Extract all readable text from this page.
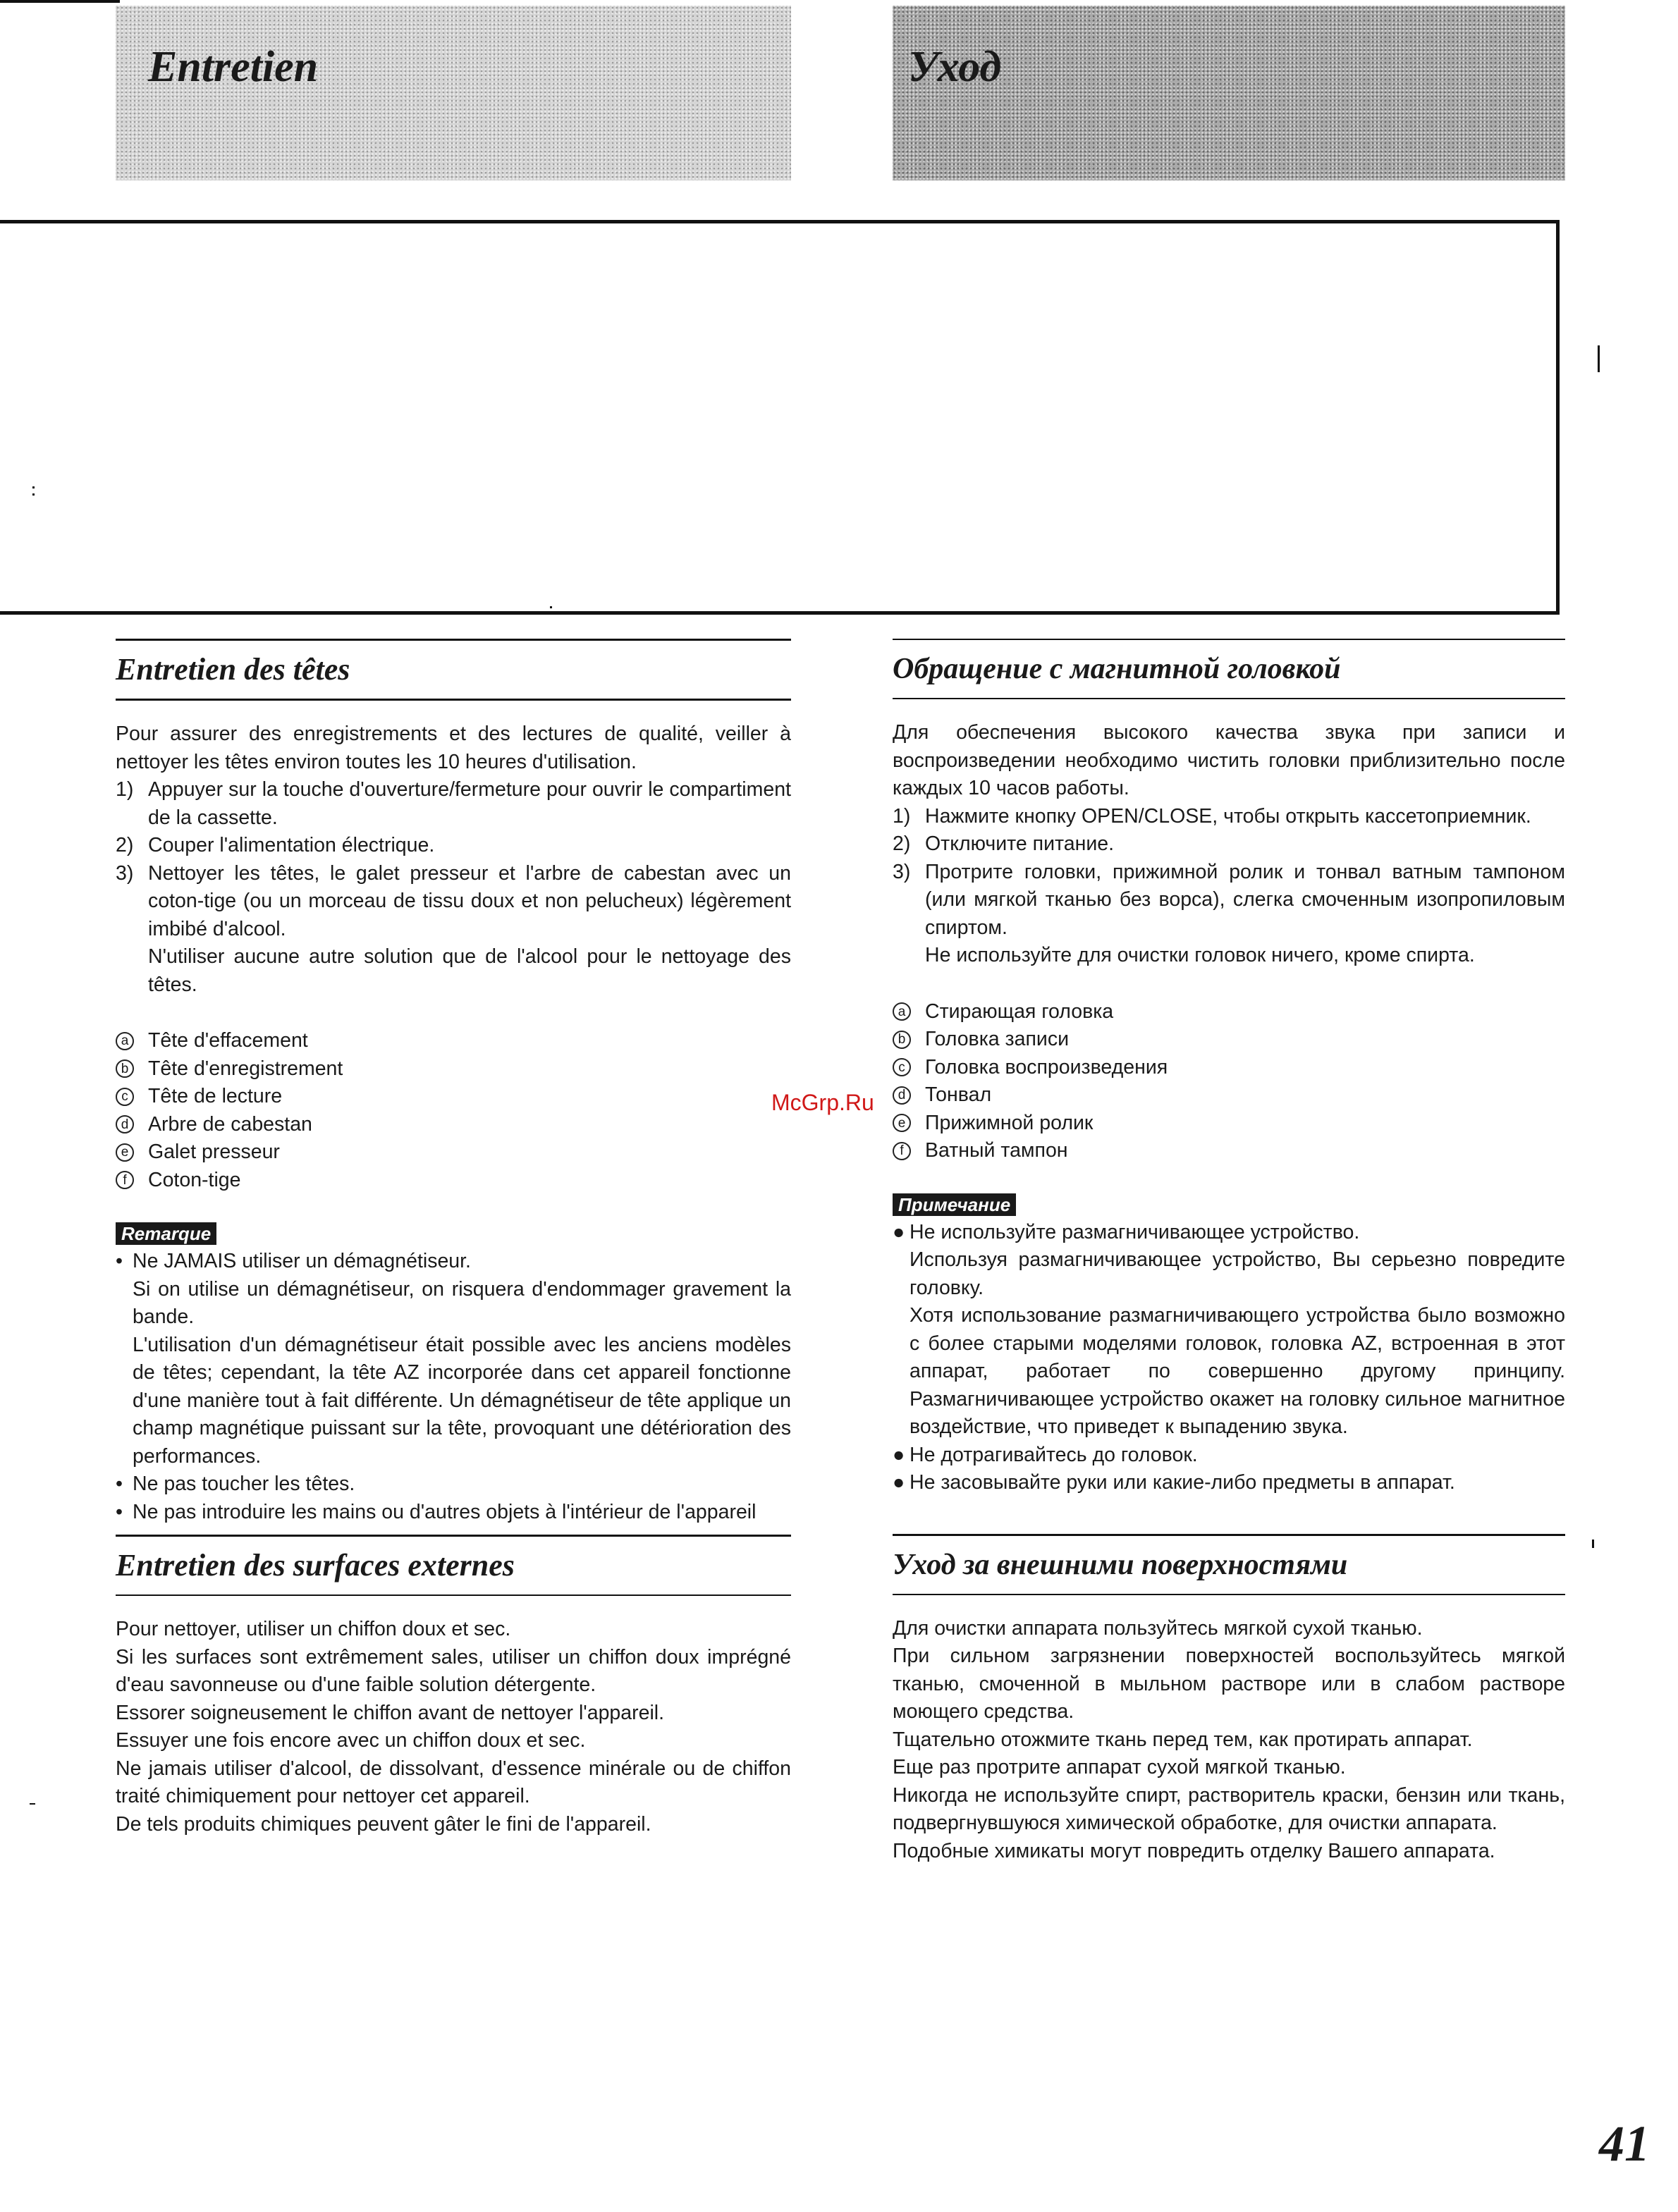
Entretien	Уход
Entretien des têtes

Pour assurer des enregistrements et des lectures de qualité, veiller à nettoyer les têtes environ toutes les 10 heures d'utilisation.

1) Appuyer sur la touche d'ouverture/fermeture pour ouvrir le compartiment de la cassette.
2) Couper l'alimentation électrique.
3) Nettoyer les têtes, le galet presseur et l'arbre de cabestan avec un coton-tige (ou un morceau de tissu doux et non pelucheux) légèrement imbibé d'alcool.
N'utiliser aucune autre solution que de l'alcool pour le nettoyage des têtes.
a Tête d'effacement
b Tête d'enregistrement
c Tête de lecture
d Arbre de cabestan
e Galet presseur
f	Coton-tige
Remarque
• Ne JAMAIS utiliser un démagnétiseur.
Si on utilise un démagnétiseur, on risquera d'endommager gravement la bande.
L'utilisation d'un démagnétiseur était possible avec les anciens modèles de têtes; cependant, la tête AZ incorporée dans cet appareil fonctionne d'une manière tout à fait différente. Un démagnétiseur de tête applique un champ magnétique puissant sur la tête, provoquant une détérioration des performances.
• Ne pas toucher les têtes.
• Ne pas introduire les mains ou d'autres objets à l'intérieur de l'appareil
Entretien des surfaces externes

Pour nettoyer, utiliser un chiffon doux et sec.

Si les surfaces sont extrêmement sales, utiliser un chiffon doux imprégné d'eau savonneuse ou d'une faible solution détergente.

Essorer soigneusement le chiffon avant de nettoyer l'appareil.

Essuyer une fois encore avec un chiffon doux et sec.

Ne jamais utiliser d'alcool, de dissolvant, d'essence minérale ou de chiffon traité chimiquement pour nettoyer cet appareil.

De tels produits chimiques peuvent gâter le fini de l'appareil.

Обращение с магнитной головкой

Для обеспечения высокого качества звука при записи и воспроизведении необходимо чистить головки приблизительно после каждых 10 часов работы.

1) Нажмите кнопку OPEN/CLOSE, чтобы открыть кассетоприемник.
2) Отключите питание.
3) Протрите головки, прижимной ролик и тонвал ватным тампоном (или мягкой тканью без ворса), слегка смоченным изопропиловым спиртом.
Не используйте для очистки головок ничего, кроме спирта.
a Стирающая головка
b Головка записи
c Головка воспроизведения
d Тонвал
e Прижимной ролик
f	Ватный тампон
Примечание
● Не используйте размагничивающее устройство.
Используя размагничивающее устройство, Вы серьезно повредите головку.
Хотя использование размагничивающего устройства было возможно с более старыми моделями головок, головка AZ, встроенная в этот аппарат, работает по совершенно другому принципу. Размагничивающее устройство окажет на головку сильное магнитное воздействие, что приведет к выпадению звука.
● Не дотрагивайтесь до головок.
● Не засовывайте руки или какие-либо предметы в аппарат.
Уход за внешними поверхностями

Для очистки аппарата пользуйтесь мягкой сухой тканью.

При сильном загрязнении поверхностей воспользуйтесь мягкой тканью, смоченной в мыльном растворе или в слабом растворе моющего средства.

Тщательно отожмите ткань перед тем, как протирать аппарат.

Еще раз протрите аппарат сухой мягкой тканью.

Никогда не используйте спирт, растворитель краски, бензин или ткань, подвергнувшуюся химической обработке, для очистки аппарата.

Подобные химикаты могут повредить отделку Вашего аппарата.

McGrp.Ru
41
